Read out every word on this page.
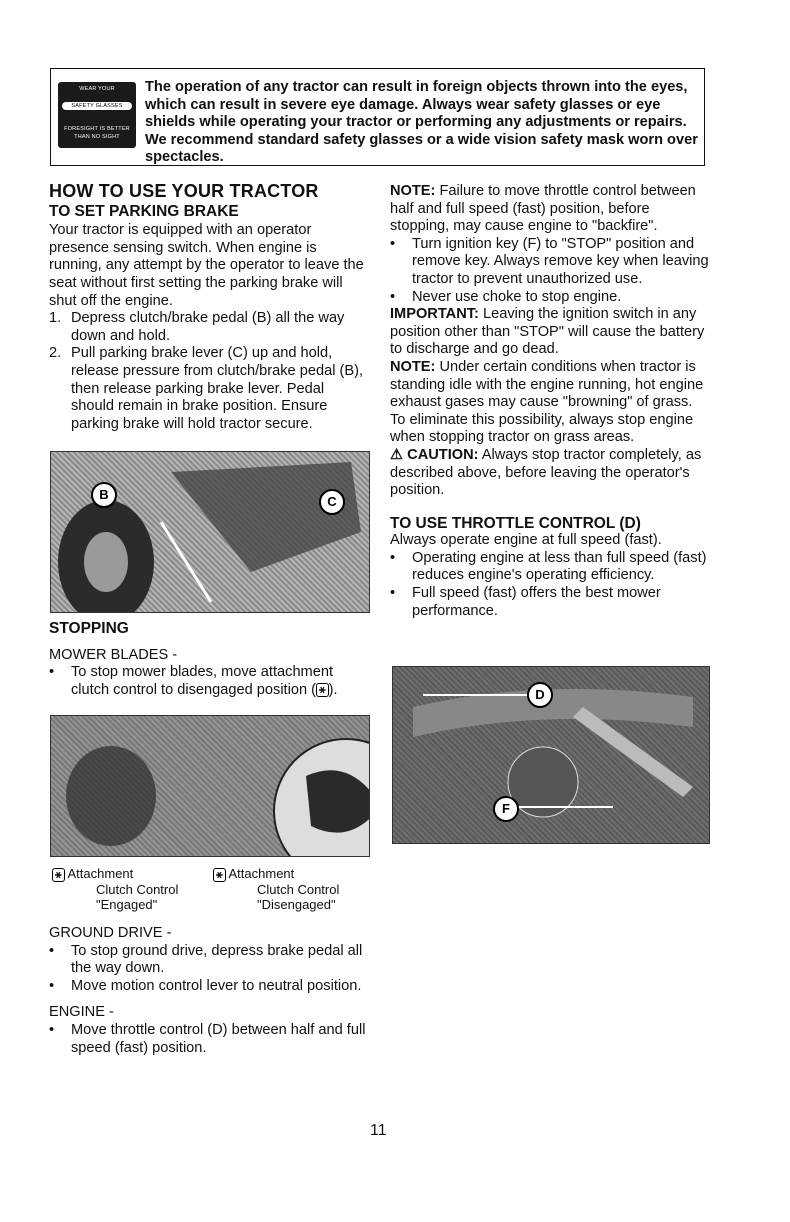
WEAR YOUR
SAFETY GLASSES
FORESIGHT IS BETTER
THAN NO SIGHT
The operation of any tractor can result in foreign objects thrown into the eyes, which can result in severe eye damage. Always wear safety glasses or eye shields while operating your tractor or performing any adjustments or repairs. We recommend standard safety glasses or a wide vision safety mask worn over spectacles.
HOW TO USE YOUR TRACTOR
TO SET PARKING BRAKE

Your tractor is equipped with an operator presence sensing switch. When engine is running, any attempt by the operator to leave the seat without first setting the parking brake will shut off the engine.

1. Depress clutch/brake pedal (B) all the way down and hold.
2. Pull parking brake lever (C) up and hold, release pressure from clutch/brake pedal (B), then release parking brake lever. Pedal should remain in brake position. Ensure parking brake will hold tractor secure.
B	C
STOPPING
MOWER BLADES -
• To stop mower blades, move attachment clutch control to disengaged position ( ⚹ ).
⚹ Attachment
Clutch Control
"Engaged"
⚹ Attachment
Clutch Control
"Disengaged"
GROUND DRIVE -
• To stop ground drive, depress brake pedal all the way down.
• Move motion control lever to neutral position.
ENGINE -
• Move throttle control (D) between half and full speed (fast) position.

NOTE: Failure to move throttle control between half and full speed (fast) position, before stopping, may cause engine to "backfire".

• Turn ignition key (F) to "STOP" position and remove key. Always remove key when leaving tractor to prevent unauthorized use.
• Never use choke to stop engine.

IMPORTANT: Leaving the ignition switch in any position other than "STOP" will cause the battery to discharge and go dead.

NOTE: Under certain conditions when tractor is standing idle with the engine running, hot engine exhaust gases may cause "browning" of grass. To eliminate this possibility, always stop engine when stopping tractor on grass areas.

⚠ CAUTION: Always stop tractor completely, as described above, before leaving the operator's position.

TO USE THROTTLE CONTROL (D)

Always operate engine at full speed (fast).

• Operating engine at less than full speed (fast) reduces engine's operating efficiency.
• Full speed (fast) offers the best mower performance.
D
F
11
